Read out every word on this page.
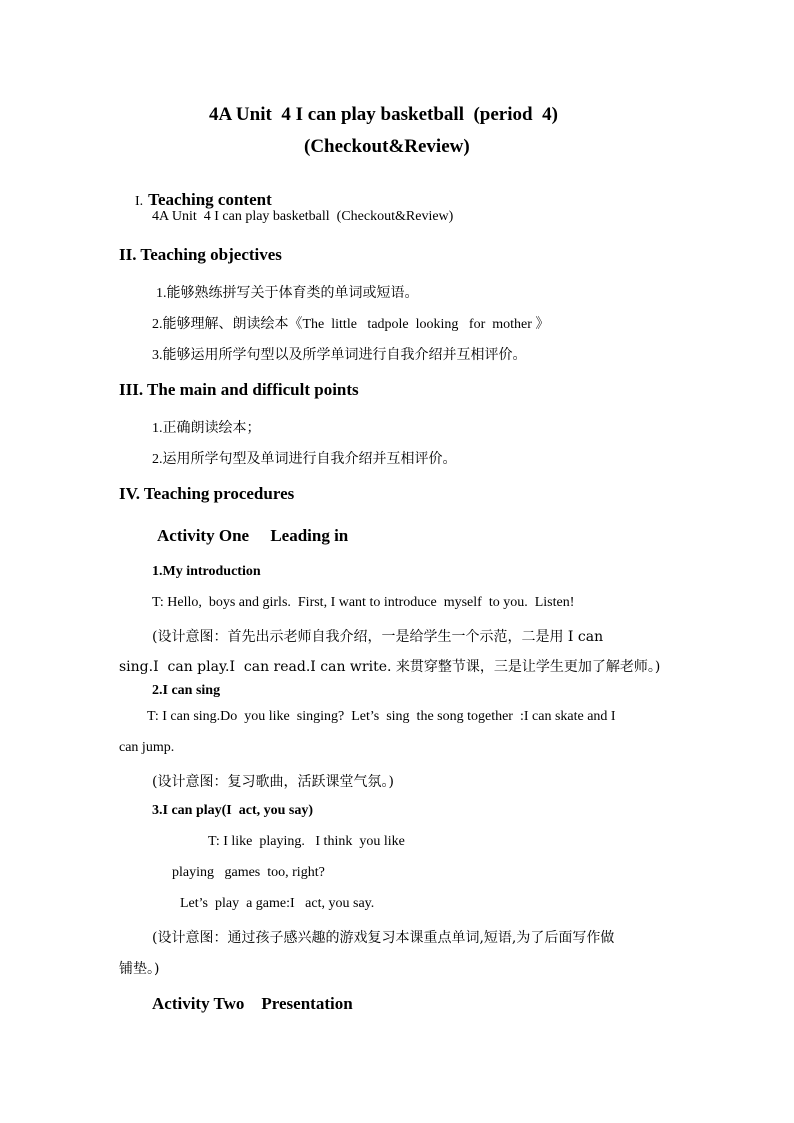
4A Unit  4 I can play basketball  (period  4)
(Checkout&Review)

I. Teaching content

4A Unit  4 I can play basketball  (Checkout&Review)
II. Teaching objectives
1.能够熟练拼写关于体育类的单词或短语。
2.能够理解、朗读绘本《The  little   tadpole  looking   for  mother 》
3.能够运用所学句型以及所学单词进行自我介绍并互相评价。
III. The main and difficult points
1.正确朗读绘本；
2.运用所学句型及单词进行自我介绍并互相评价。
IV. Teaching procedures
Activity One     Leading in
1.My introduction
T: Hello,  boys and girls.  First, I want to introduce  myself  to you.  Listen!
(设计意图：首先出示老师自我介绍，一是给学生一个示范，二是用 I can
sing.I  can play.I  can read.I can write. 来贯穿整节课，三是让学生更加了解老师。)
2.I can sing
T: I can sing.Do  you like  singing?  Let’s  sing  the song together  :I can skate and I
can jump.
(设计意图：复习歌曲，活跃课堂气氛。)
3.I can play(I  act, you say)
T: I like  playing.   I think  you like
playing   games  too, right?
Let’s  play  a game:I   act, you say.
(设计意图：通过孩子感兴趣的游戏复习本课重点单词,短语,为了后面写作做
铺垫。)
Activity Two    Presentation
